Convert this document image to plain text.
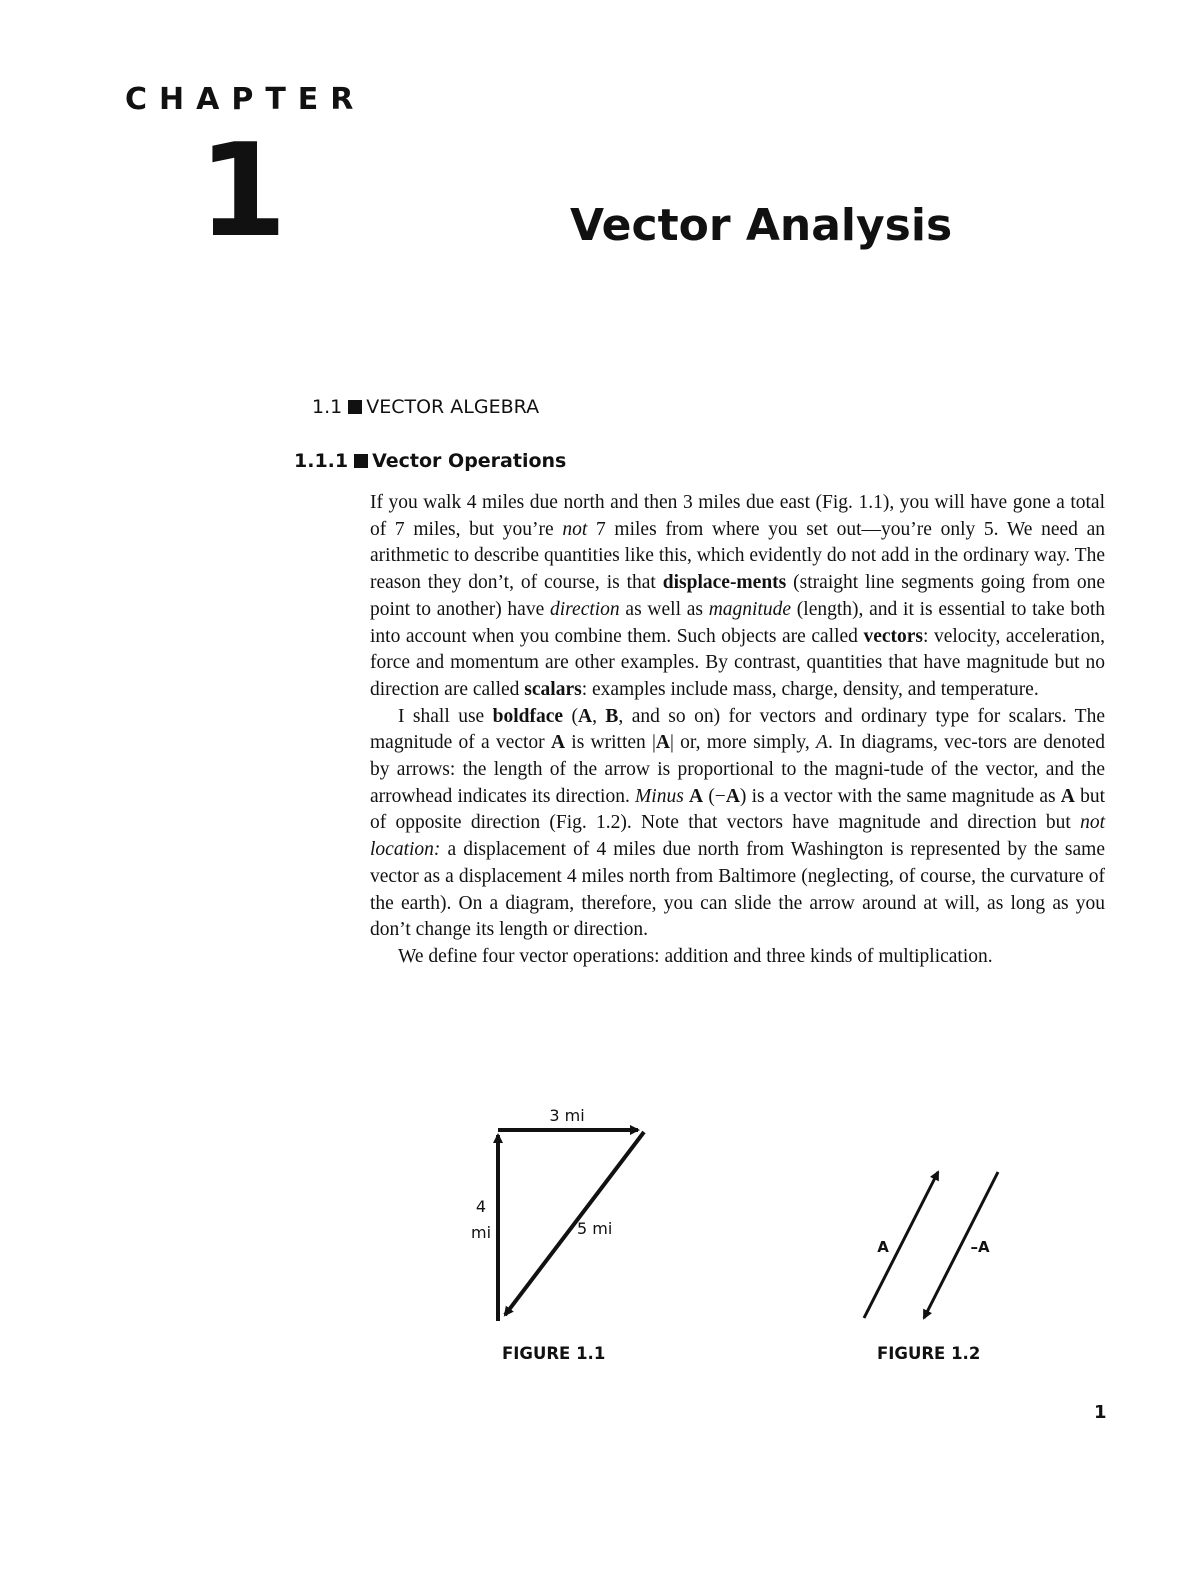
CHAPTER
1	Vector Analysis
1.1 VECTOR ALGEBRA
1.1.1 Vector Operations

If you walk 4 miles due north and then 3 miles due east (Fig. 1.1), you will have gone a total of 7 miles, but you’re not 7 miles from where you set out—you’re only 5. We need an arithmetic to describe quantities like this, which evidently do not add in the ordinary way. The reason they don’t, of course, is that displace-ments (straight line segments going from one point to another) have direction as well as magnitude (length), and it is essential to take both into account when you combine them. Such objects are called vectors: velocity, acceleration, force and momentum are other examples. By contrast, quantities that have magnitude but no direction are called scalars: examples include mass, charge, density, and temperature.

I shall use boldface (A, B, and so on) for vectors and ordinary type for scalars. The magnitude of a vector A is written |A| or, more simply, A. In diagrams, vec-tors are denoted by arrows: the length of the arrow is proportional to the magni-tude of the vector, and the arrowhead indicates its direction. Minus A (−A) is a vector with the same magnitude as A but of opposite direction (Fig. 1.2). Note that vectors have magnitude and direction but not location: a displacement of 4 miles due north from Washington is represented by the same vector as a displacement 4 miles north from Baltimore (neglecting, of course, the curvature of the earth). On a diagram, therefore, you can slide the arrow around at will, as long as you don’t change its length or direction.

We define four vector operations: addition and three kinds of multiplication.

3 mi
4
mi	5 mi
FIGURE 1.1
A	–A
FIGURE 1.2
1
